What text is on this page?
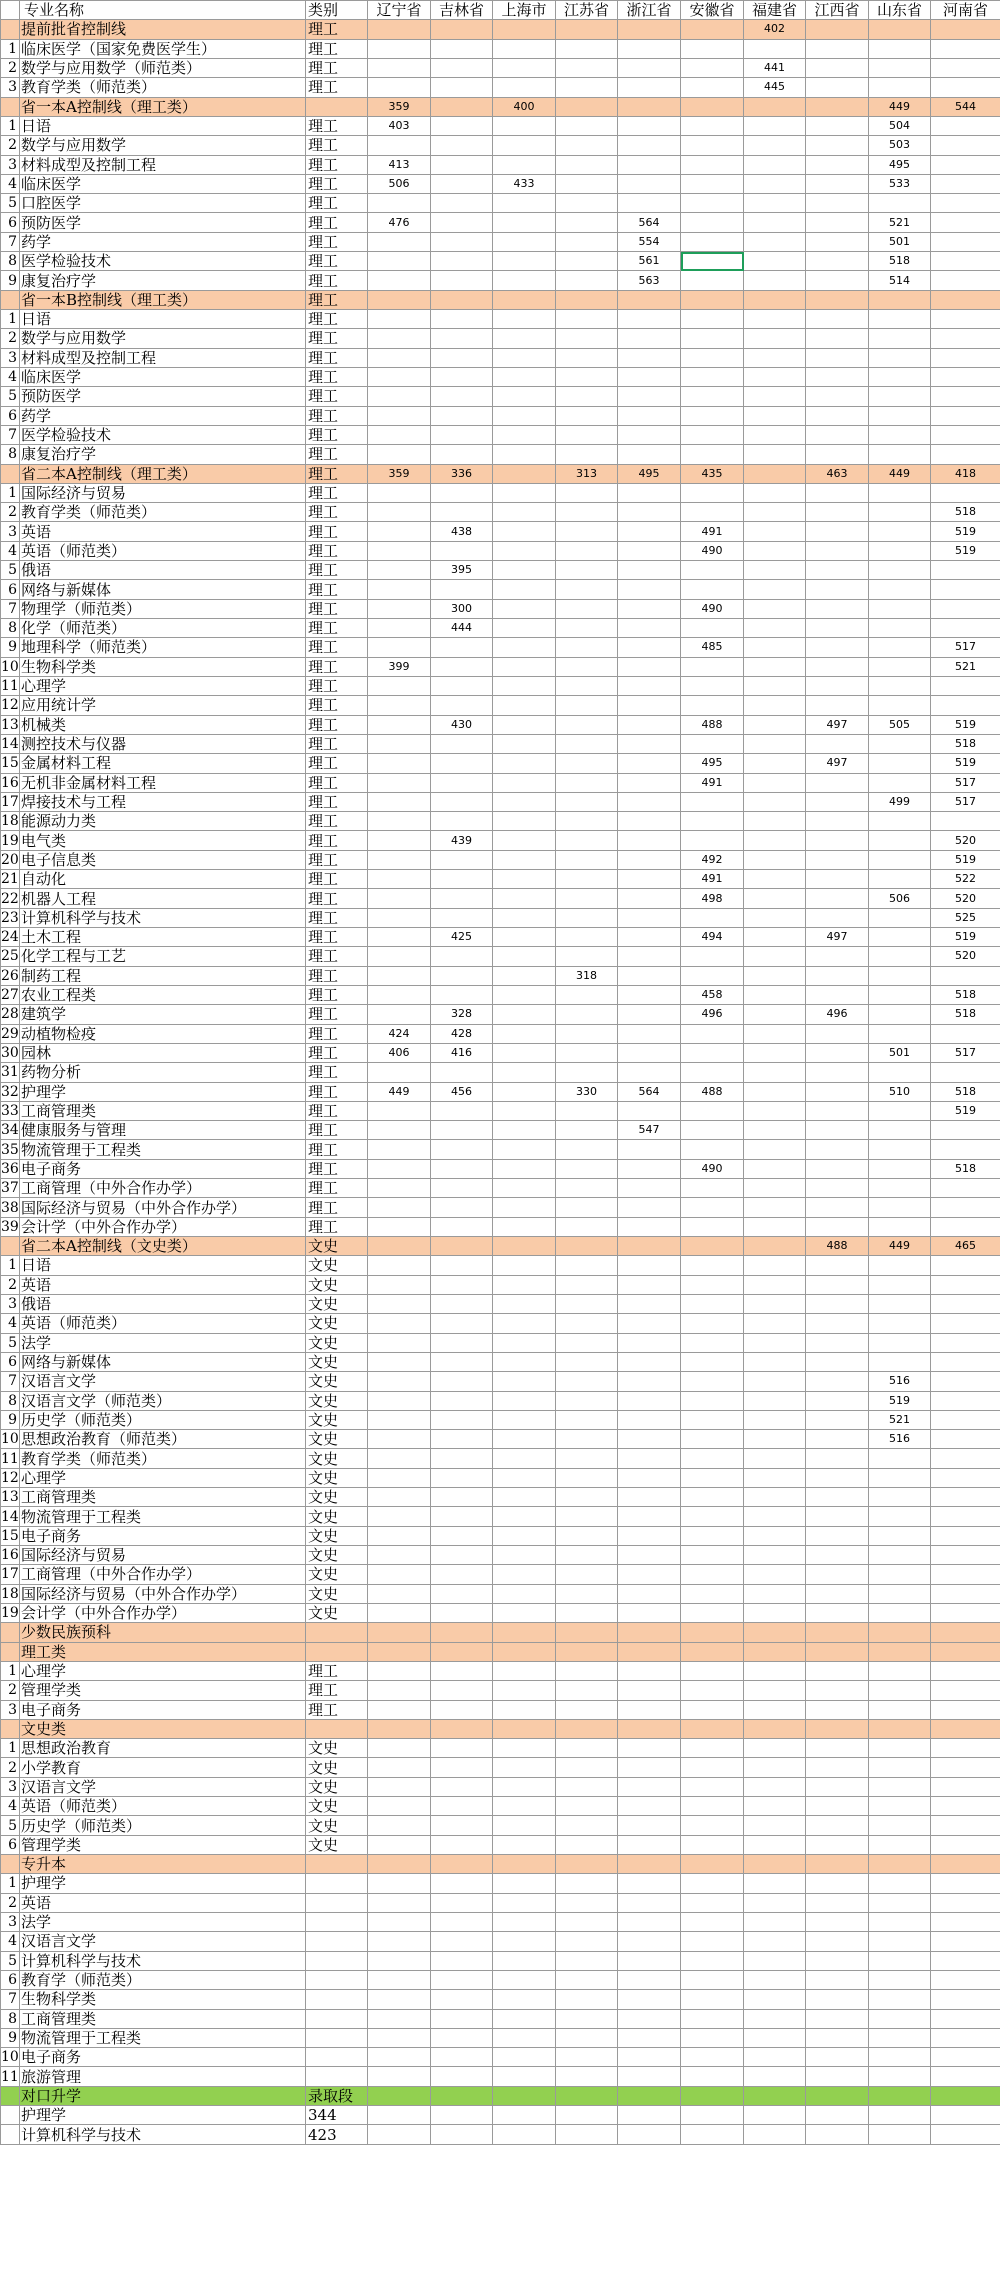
	专业名称	类别	辽宁省	吉林省	上海市	江苏省	浙江省	安徽省	福建省	江西省	山东省	河南省
	提前批省控制线	理工							402			
1	临床医学（国家免费医学生）	理工										
2	数学与应用数学（师范类）	理工							441			
3	教育学类（师范类）	理工							445			
	省一本A控制线（理工类）		359		400						449	544
1	日语	理工	403								504	
2	数学与应用数学	理工									503	
3	材料成型及控制工程	理工	413								495	
4	临床医学	理工	506		433						533	
5	口腔医学	理工										
6	预防医学	理工	476				564				521	
7	药学	理工					554				501	
8	医学检验技术	理工					561				518	
9	康复治疗学	理工					563				514	
	省一本B控制线（理工类）	理工										
1	日语	理工										
2	数学与应用数学	理工										
3	材料成型及控制工程	理工										
4	临床医学	理工										
5	预防医学	理工										
6	药学	理工										
7	医学检验技术	理工										
8	康复治疗学	理工										
	省二本A控制线（理工类）	理工	359	336		313	495	435		463	449	418
1	国际经济与贸易	理工										
2	教育学类（师范类）	理工										518
3	英语	理工		438				491				519
4	英语（师范类）	理工						490				519
5	俄语	理工		395								
6	网络与新媒体	理工										
7	物理学（师范类）	理工		300				490				
8	化学（师范类）	理工		444								
9	地理科学（师范类）	理工						485				517
10	生物科学类	理工	399									521
11	心理学	理工										
12	应用统计学	理工										
13	机械类	理工		430				488		497	505	519
14	测控技术与仪器	理工										518
15	金属材料工程	理工						495		497		519
16	无机非金属材料工程	理工						491				517
17	焊接技术与工程	理工									499	517
18	能源动力类	理工										
19	电气类	理工		439								520
20	电子信息类	理工						492				519
21	自动化	理工						491				522
22	机器人工程	理工						498			506	520
23	计算机科学与技术	理工										525
24	土木工程	理工		425				494		497		519
25	化学工程与工艺	理工										520
26	制药工程	理工				318						
27	农业工程类	理工						458				518
28	建筑学	理工		328				496		496		518
29	动植物检疫	理工	424	428								
30	园林	理工	406	416							501	517
31	药物分析	理工										
32	护理学	理工	449	456		330	564	488			510	518
33	工商管理类	理工										519
34	健康服务与管理	理工					547					
35	物流管理于工程类	理工										
36	电子商务	理工						490				518
37	工商管理（中外合作办学）	理工										
38	国际经济与贸易（中外合作办学）	理工										
39	会计学（中外合作办学）	理工										
	省二本A控制线（文史类）	文史								488	449	465
1	日语	文史										
2	英语	文史										
3	俄语	文史										
4	英语（师范类）	文史										
5	法学	文史										
6	网络与新媒体	文史										
7	汉语言文学	文史									516	
8	汉语言文学（师范类）	文史									519	
9	历史学（师范类）	文史									521	
10	思想政治教育（师范类）	文史									516	
11	教育学类（师范类）	文史										
12	心理学	文史										
13	工商管理类	文史										
14	物流管理于工程类	文史										
15	电子商务	文史										
16	国际经济与贸易	文史										
17	工商管理（中外合作办学）	文史										
18	国际经济与贸易（中外合作办学）	文史										
19	会计学（中外合作办学）	文史										
	少数民族预科											
	理工类											
1	心理学	理工										
2	管理学类	理工										
3	电子商务	理工										
	文史类											
1	思想政治教育	文史										
2	小学教育	文史										
3	汉语言文学	文史										
4	英语（师范类）	文史										
5	历史学（师范类）	文史										
6	管理学类	文史										
	专升本											
1	护理学											
2	英语											
3	法学											
4	汉语言文学											
5	计算机科学与技术											
6	教育学（师范类）											
7	生物科学类											
8	工商管理类											
9	物流管理于工程类											
10	电子商务											
11	旅游管理											
	对口升学	录取段										
	护理学	344										
	计算机科学与技术	423										
